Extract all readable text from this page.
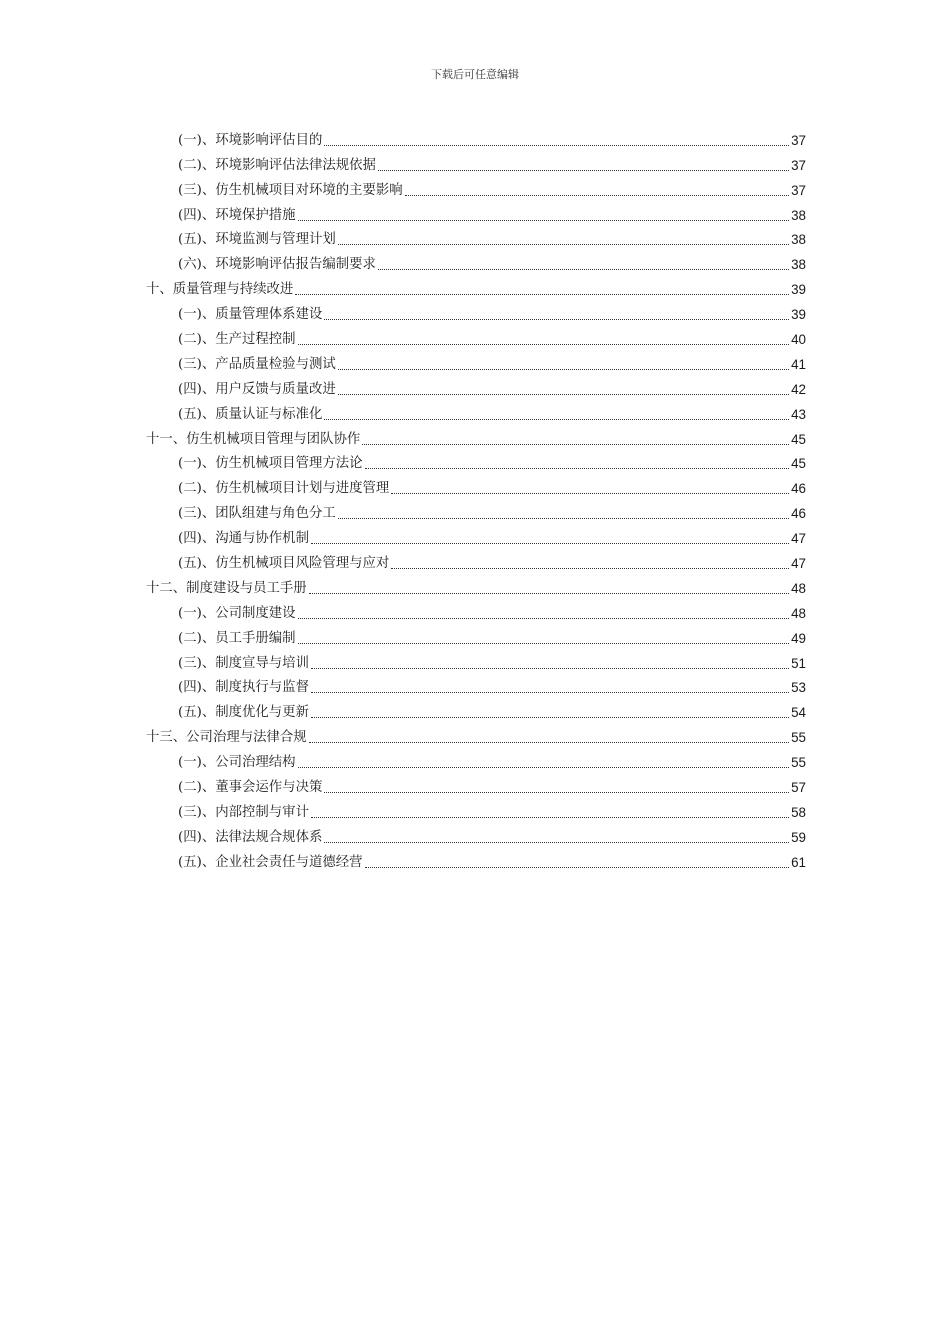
下载后可任意编辑
(一)、环境影响评估目的	37
(二)、环境影响评估法律法规依据	37
(三)、仿生机械项目对环境的主要影响	37
(四)、环境保护措施	38
(五)、环境监测与管理计划	38
(六)、环境影响评估报告编制要求	38
十、质量管理与持续改进	39
(一)、质量管理体系建设	39
(二)、生产过程控制	40
(三)、产品质量检验与测试	41
(四)、用户反馈与质量改进	42
(五)、质量认证与标准化	43
十一、仿生机械项目管理与团队协作	45
(一)、仿生机械项目管理方法论	45
(二)、仿生机械项目计划与进度管理	46
(三)、团队组建与角色分工	46
(四)、沟通与协作机制	47
(五)、仿生机械项目风险管理与应对	47
十二、制度建设与员工手册	48
(一)、公司制度建设	48
(二)、员工手册编制	49
(三)、制度宣导与培训	51
(四)、制度执行与监督	53
(五)、制度优化与更新	54
十三、公司治理与法律合规	55
(一)、公司治理结构	55
(二)、董事会运作与决策	57
(三)、内部控制与审计	58
(四)、法律法规合规体系	59
(五)、企业社会责任与道德经营	61
